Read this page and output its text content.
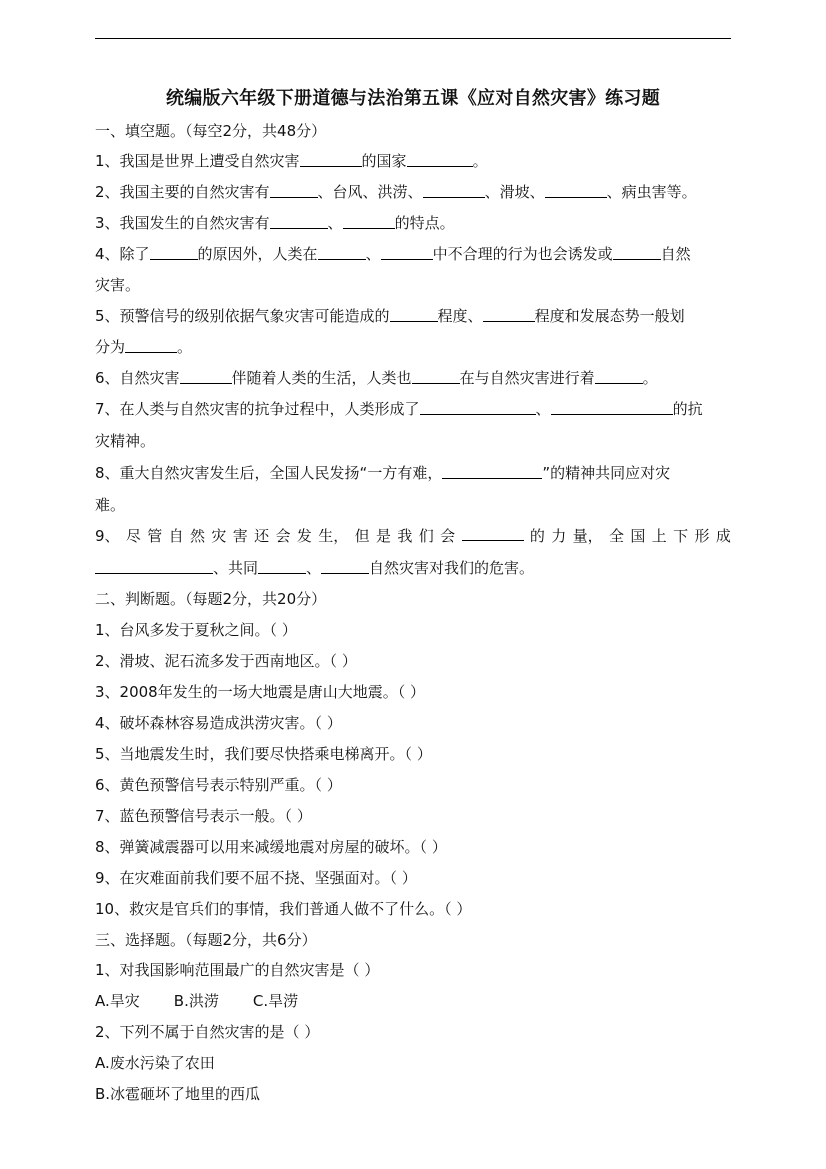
统编版六年级下册道德与法治第五课《应对自然灾害》练习题
一、填空题。（每空2分，共48分）
1、我国是世界上遭受自然灾害	的国家	。
2、我国主要的自然灾害有	、台风、洪涝、	、滑坡、	、病虫害等。
3、我国发生的自然灾害有	、	的特点。
4、除了	的原因外，人类在	、	中不合理的行为也会诱发或	自然
灾害。
5、预警信号的级别依据气象灾害可能造成的	程度、	程度和发展态势一般划
分为	。
6、自然灾害	伴随着人类的生活，人类也	在与自然灾害进行着	。
7、在人类与自然灾害的抗争过程中，人类形成了	、	的抗
灾精神。
8、重大自然灾害发生后，全国人民发扬“一方有难，	”的精神共同应对灾
难。
9、 尽 管 自 然 灾 害 还 会 发 生， 但 是 我 们 会	的 力 量， 全 国 上 下 形 成
、共同	、	自然灾害对我们的危害。
二、判断题。（每题2分，共20分）
1、台风多发于夏秋之间。（ ）
2、滑坡、泥石流多发于西南地区。（ ）
3、2008年发生的一场大地震是唐山大地震。（ ）
4、破坏森林容易造成洪涝灾害。（ ）
5、当地震发生时，我们要尽快搭乘电梯离开。（ ）
6、黄色预警信号表示特别严重。（ ）
7、蓝色预警信号表示一般。（ ）
8、弹簧减震器可以用来减缓地震对房屋的破坏。（ ）
9、在灾难面前我们要不屈不挠、坚强面对。（ ）
10、救灾是官兵们的事情，我们普通人做不了什么。（ ）
三、选择题。（每题2分，共6分）
1、对我国影响范围最广的自然灾害是（ ）
A.旱灾 B.洪涝 C.旱涝
2、下列不属于自然灾害的是（ ）
A.废水污染了农田
B.冰雹砸坏了地里的西瓜
